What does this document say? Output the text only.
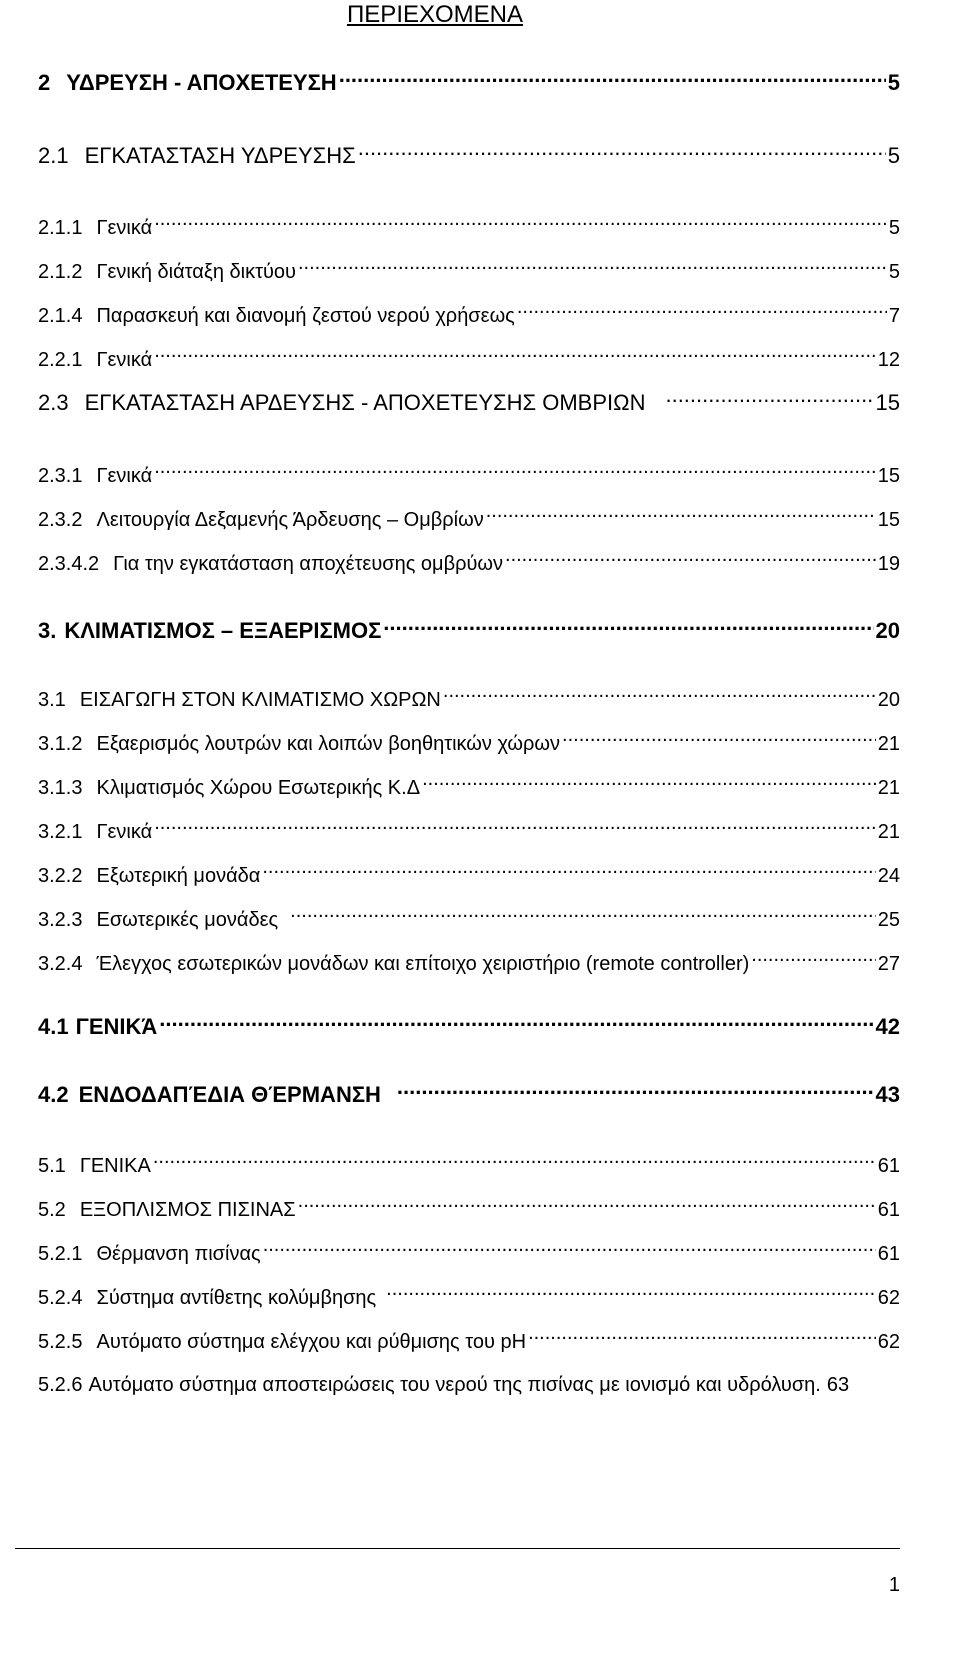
ΠΕΡΙΕΧΟΜΕΝΑ
2 ΥΔΡΕΥΣΗ - ΑΠΟΧΕΤΕΥΣΗ .....	5
2.1 ΕΓΚΑΤΑΣΤΑΣΗ ΥΔΡΕΥΣΗΣ .....	5
2.1.1 Γενικά .....	5
2.1.2 Γενική διάταξη δικτύου .....	5
2.1.4 Παρασκευή και διανομή ζεστού νερού χρήσεως .....	7
2.2.1 Γενικά .....	12
2.3 ΕΓΚΑΤΑΣΤΑΣΗ ΑΡΔΕΥΣΗΣ - ΑΠΟΧΕΤΕΥΣΗΣ ΟΜΒΡΙΩΝ .....	15
2.3.1 Γενικά .....	15
2.3.2 Λειτουργία Δεξαμενής Άρδευσης – Ομβρίων .....	15
2.3.4.2 Για την εγκατάσταση αποχέτευσης ομβρύων .....	19
3. ΚΛΙΜΑΤΙΣΜΟΣ – ΕΞΑΕΡΙΣΜΟΣ .....	20
3.1 ΕΙΣΑΓΩΓΗ ΣΤΟΝ ΚΛΙΜΑΤΙΣΜΟ ΧΩΡΩΝ .....	20
3.1.2 Εξαερισμός λουτρών και λοιπών βοηθητικών χώρων .....	21
3.1.3 Κλιματισμός Χώρου Εσωτερικής Κ.Δ .....	21
3.2.1 Γενικά .....	21
3.2.2 Εξωτερική μονάδα .....	24
3.2.3 Εσωτερικές μονάδες .....	25
3.2.4 Έλεγχος εσωτερικών μονάδων και επίτοιχο χειριστήριο (remote controller) .....	27
4.1 ΓΕΝΙΚΆ .....	42
4.2 ΕΝΔΟΔΑΠΈΔΙΑ ΘΈΡΜΑΝΣΗ .....	43
5.1 ΓΕΝΙΚΑ .....	61
5.2 ΕΞΟΠΛΙΣΜΟΣ ΠΙΣΙΝΑΣ .....	61
5.2.1 Θέρμανση πισίνας .....	61
5.2.4 Σύστημα αντίθετης κολύμβησης .....	62
5.2.5 Αυτόματο σύστημα ελέγχου και ρύθμισης του pH .....	62
5.2.6 Αυτόματο σύστημα αποστειρώσεις του νερού της πισίνας με ιονισμό και υδρόλυση. 63
1
